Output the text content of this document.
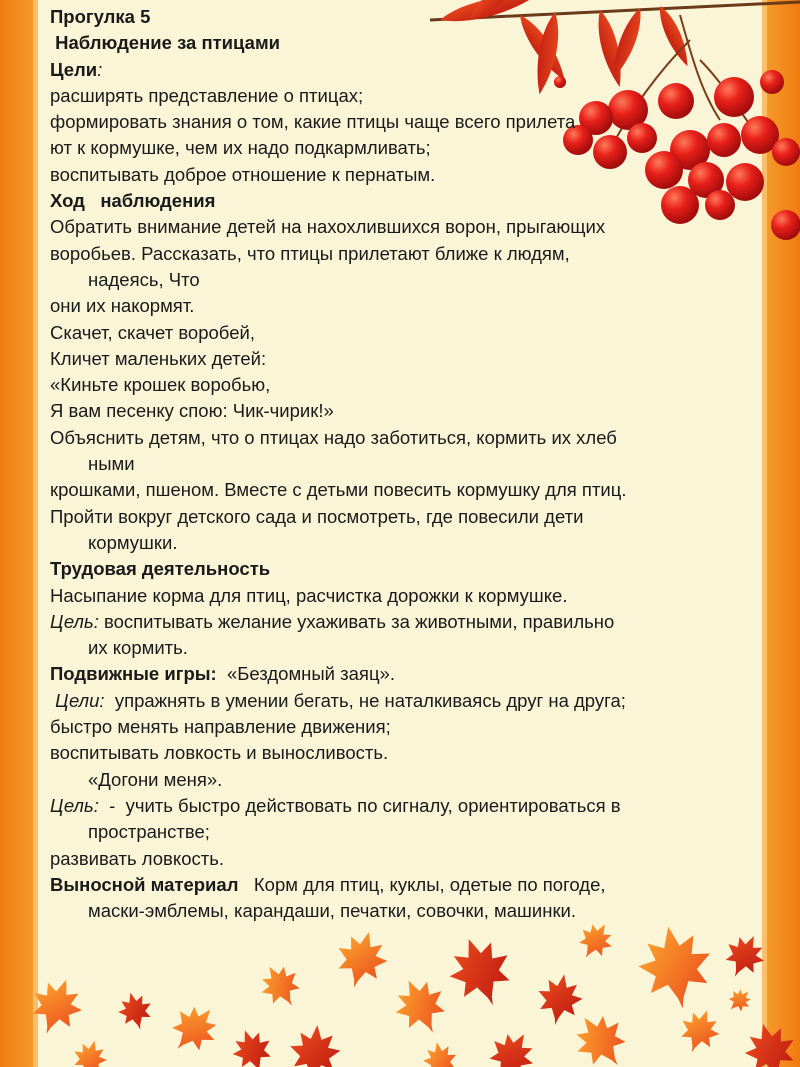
Прогулка 5

Наблюдение за птицами

Цели:

расширять представление о птицах;

формировать знания о том, какие птицы чаще всего прилета

ют к кормушке, чем их надо подкармливать;

воспитывать доброе отношение к пернатым.

Ход   наблюдения

Обратить внимание детей на нахохлившихся ворон, прыгающих

воробьев. Рассказать, что птицы прилетают ближе к людям,

надеясь, Что

они их накормят.

Скачет, скачет воробей,

Кличет маленьких детей:

«Киньте крошек воробью,

Я вам песенку спою: Чик-чирик!»

Объяснить детям, что о птицах надо заботиться, кормить их хлеб

ными

крошками, пшеном. Вместе с детьми повесить кормушку для птиц.

Пройти вокруг детского сада и посмотреть, где повесили дети

кормушки.

Трудовая деятельность

Насыпание корма для птиц, расчистка дорожки к кормушке.

Цель: воспитывать желание ухаживать за животными, правильно

их кормить.

Подвижные игры:  «Бездомный заяц».

Цели:  упражнять в умении бегать, не наталкиваясь друг на друга;

быстро менять направление движения;

воспитывать ловкость и выносливость.

«Догони меня».

Цель:  -  учить быстро действовать по сигналу, ориентироваться в

пространстве;

развивать ловкость.

Выносной материал   Корм для птиц, куклы, одетые по погоде,

маски-эмблемы, карандаши, печатки, совочки, машинки.
